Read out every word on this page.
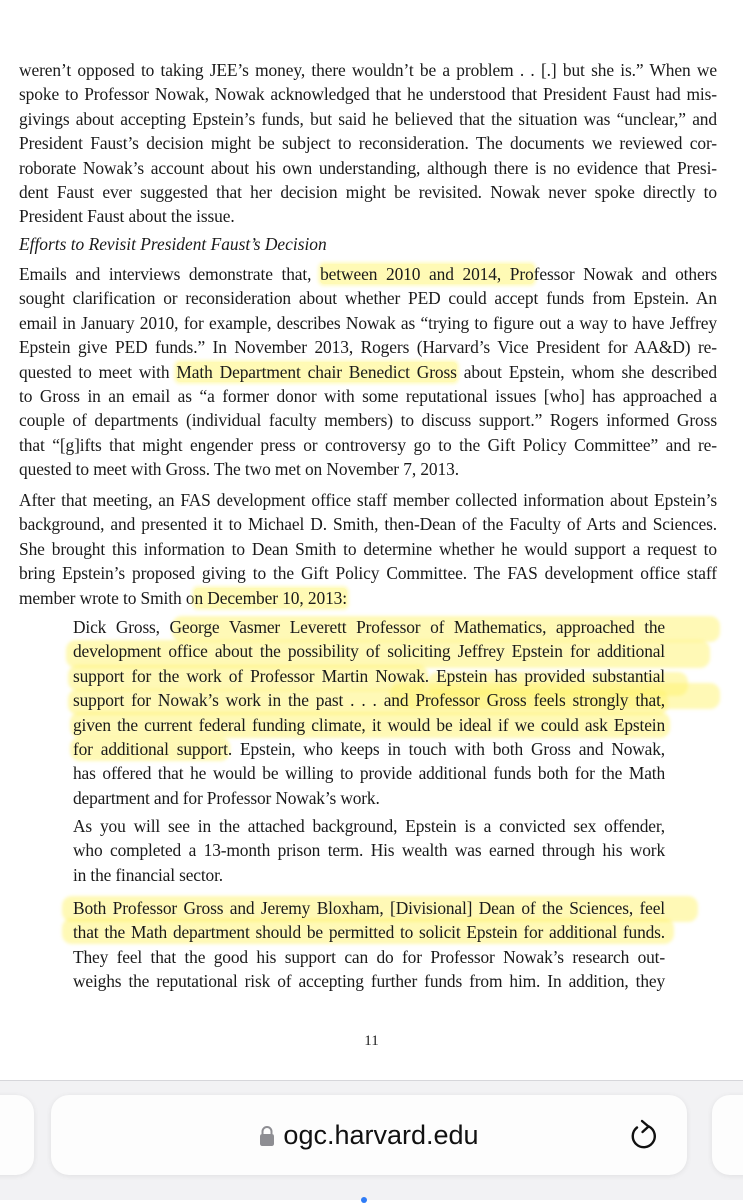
weren’t opposed to taking JEE’s money, there wouldn’t be a problem . . [.] but she is.” When we
spoke to Professor Nowak, Nowak acknowledged that he understood that President Faust had mis-
givings about accepting Epstein’s funds, but said he believed that the situation was “unclear,” and
President Faust’s decision might be subject to reconsideration. The documents we reviewed cor-
roborate Nowak’s account about his own understanding, although there is no evidence that Presi-
dent Faust ever suggested that her decision might be revisited. Nowak never spoke directly to
President Faust about the issue.
Efforts to Revisit President Faust’s Decision
Emails and interviews demonstrate that, between 2010 and 2014, Professor Nowak and others
sought clarification or reconsideration about whether PED could accept funds from Epstein. An
email in January 2010, for example, describes Nowak as “trying to figure out a way to have Jeffrey
Epstein give PED funds.” In November 2013, Rogers (Harvard’s Vice President for AA&D) re-
quested to meet with Math Department chair Benedict Gross about Epstein, whom she described
to Gross in an email as “a former donor with some reputational issues [who] has approached a
couple of departments (individual faculty members) to discuss support.” Rogers informed Gross
that “[g]ifts that might engender press or controversy go to the Gift Policy Committee” and re-
quested to meet with Gross. The two met on November 7, 2013.
After that meeting, an FAS development office staff member collected information about Epstein’s
background, and presented it to Michael D. Smith, then-Dean of the Faculty of Arts and Sciences.
She brought this information to Dean Smith to determine whether he would support a request to
bring Epstein’s proposed giving to the Gift Policy Committee. The FAS development office staff
member wrote to Smith on December 10, 2013:
Dick Gross, George Vasmer Leverett Professor of Mathematics, approached the
development office about the possibility of soliciting Jeffrey Epstein for additional
support for the work of Professor Martin Nowak. Epstein has provided substantial
support for Nowak’s work in the past . . . and Professor Gross feels strongly that,
given the current federal funding climate, it would be ideal if we could ask Epstein
for additional support. Epstein, who keeps in touch with both Gross and Nowak,
has offered that he would be willing to provide additional funds both for the Math
department and for Professor Nowak’s work.
As you will see in the attached background, Epstein is a convicted sex offender,
who completed a 13-month prison term. His wealth was earned through his work
in the financial sector.
Both Professor Gross and Jeremy Bloxham, [Divisional] Dean of the Sciences, feel
that the Math department should be permitted to solicit Epstein for additional funds.
They feel that the good his support can do for Professor Nowak’s research out-
weighs the reputational risk of accepting further funds from him. In addition, they
11
ogc.harvard.edu
